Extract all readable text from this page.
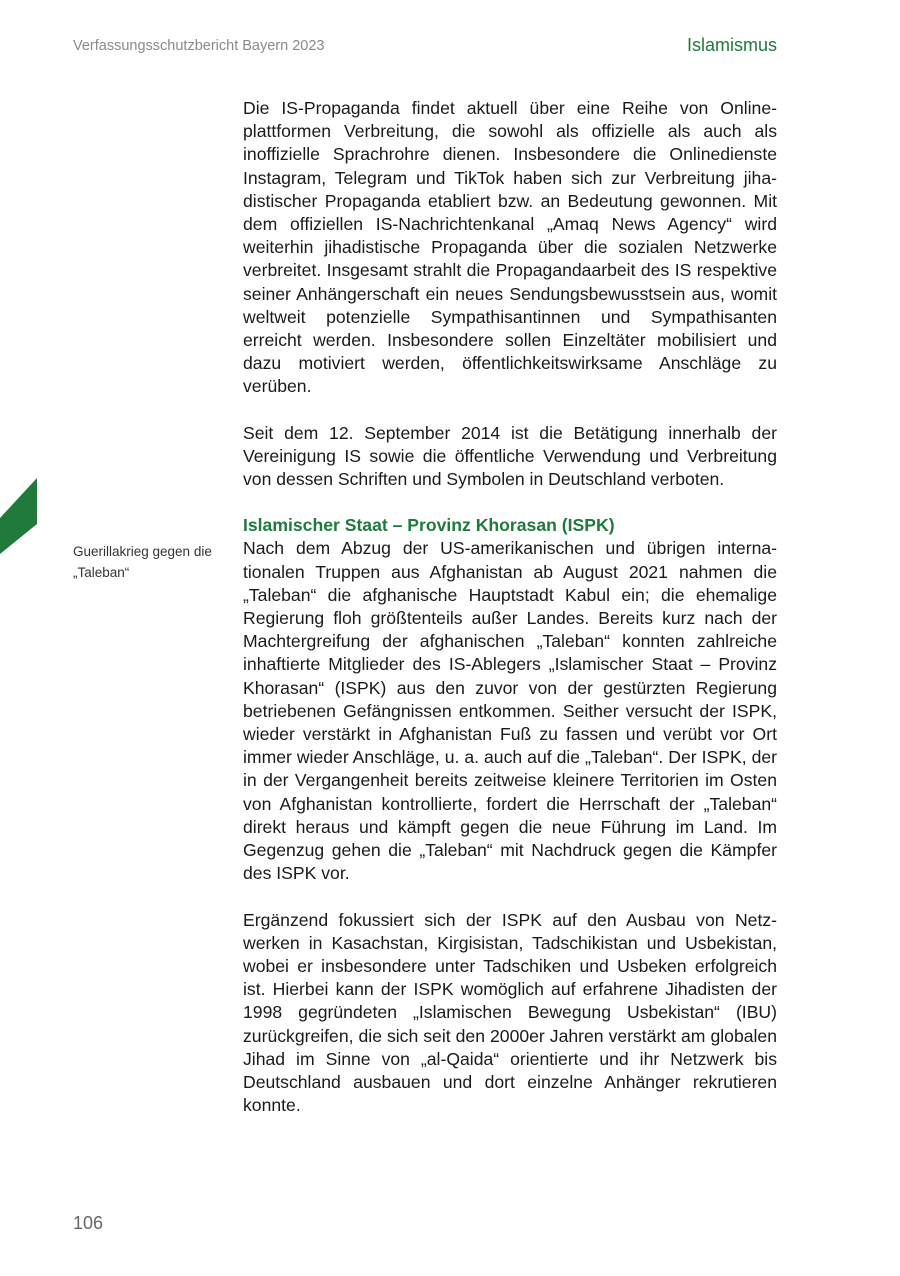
Verfassungsschutzbericht Bayern 2023	Islamismus
Guerillakrieg gegen die „Taleban“

Die IS-Propaganda findet aktuell über eine Reihe von Onlineplattformen Verbreitung, die sowohl als offizielle als auch als inoffizielle Sprachrohre dienen. Insbesondere die Onlinedienste Instagram, Telegram und TikTok haben sich zur Verbreitung jihadistischer Propaganda etabliert bzw. an Bedeutung gewonnen. Mit dem offiziellen IS-Nachrichtenkanal „Amaq News Agency“ wird weiterhin jihadistische Propaganda über die sozialen Netzwerke verbreitet. Insgesamt strahlt die Propagandaarbeit des IS respektive seiner Anhängerschaft ein neues Sendungsbewusstsein aus, womit weltweit potenzielle Sympathisantinnen und Sympathisanten erreicht werden. Insbesondere sollen Einzeltäter mobilisiert und dazu motiviert werden, öffentlichkeitswirksame Anschläge zu verüben.

Seit dem 12. September 2014 ist die Betätigung innerhalb der Vereinigung IS sowie die öffentliche Verwendung und Verbreitung von dessen Schriften und Symbolen in Deutschland verboten.

Islamischer Staat – Provinz Khorasan (ISPK)

Nach dem Abzug der US-amerikanischen und übrigen internationalen Truppen aus Afghanistan ab August 2021 nahmen die „Taleban“ die afghanische Hauptstadt Kabul ein; die ehemalige Regierung floh größtenteils außer Landes. Bereits kurz nach der Machtergreifung der afghanischen „Taleban“ konnten zahlreiche inhaftierte Mitglieder des IS-Ablegers „Islamischer Staat – Provinz Khorasan“ (ISPK) aus den zuvor von der gestürzten Regierung betriebenen Gefängnissen entkommen. Seither versucht der ISPK, wieder verstärkt in Afghanistan Fuß zu fassen und verübt vor Ort immer wieder Anschläge, u. a. auch auf die „Taleban“. Der ISPK, der in der Vergangenheit bereits zeitweise kleinere Territorien im Osten von Afghanistan kontrollierte, fordert die Herrschaft der „Taleban“ direkt heraus und kämpft gegen die neue Führung im Land. Im Gegenzug gehen die „Taleban“ mit Nachdruck gegen die Kämpfer des ISPK vor.

Ergänzend fokussiert sich der ISPK auf den Ausbau von Netzwerken in Kasachstan, Kirgisistan, Tadschikistan und Usbekistan, wobei er insbesondere unter Tadschiken und Usbeken erfolgreich ist. Hierbei kann der ISPK womöglich auf erfahrene Jihadisten der 1998 gegründeten „Islamischen Bewegung Usbekistan“ (IBU) zurückgreifen, die sich seit den 2000er Jahren verstärkt am globalen Jihad im Sinne von „al-Qaida“ orientierte und ihr Netzwerk bis Deutschland ausbauen und dort einzelne Anhänger rekrutieren konnte.

106
